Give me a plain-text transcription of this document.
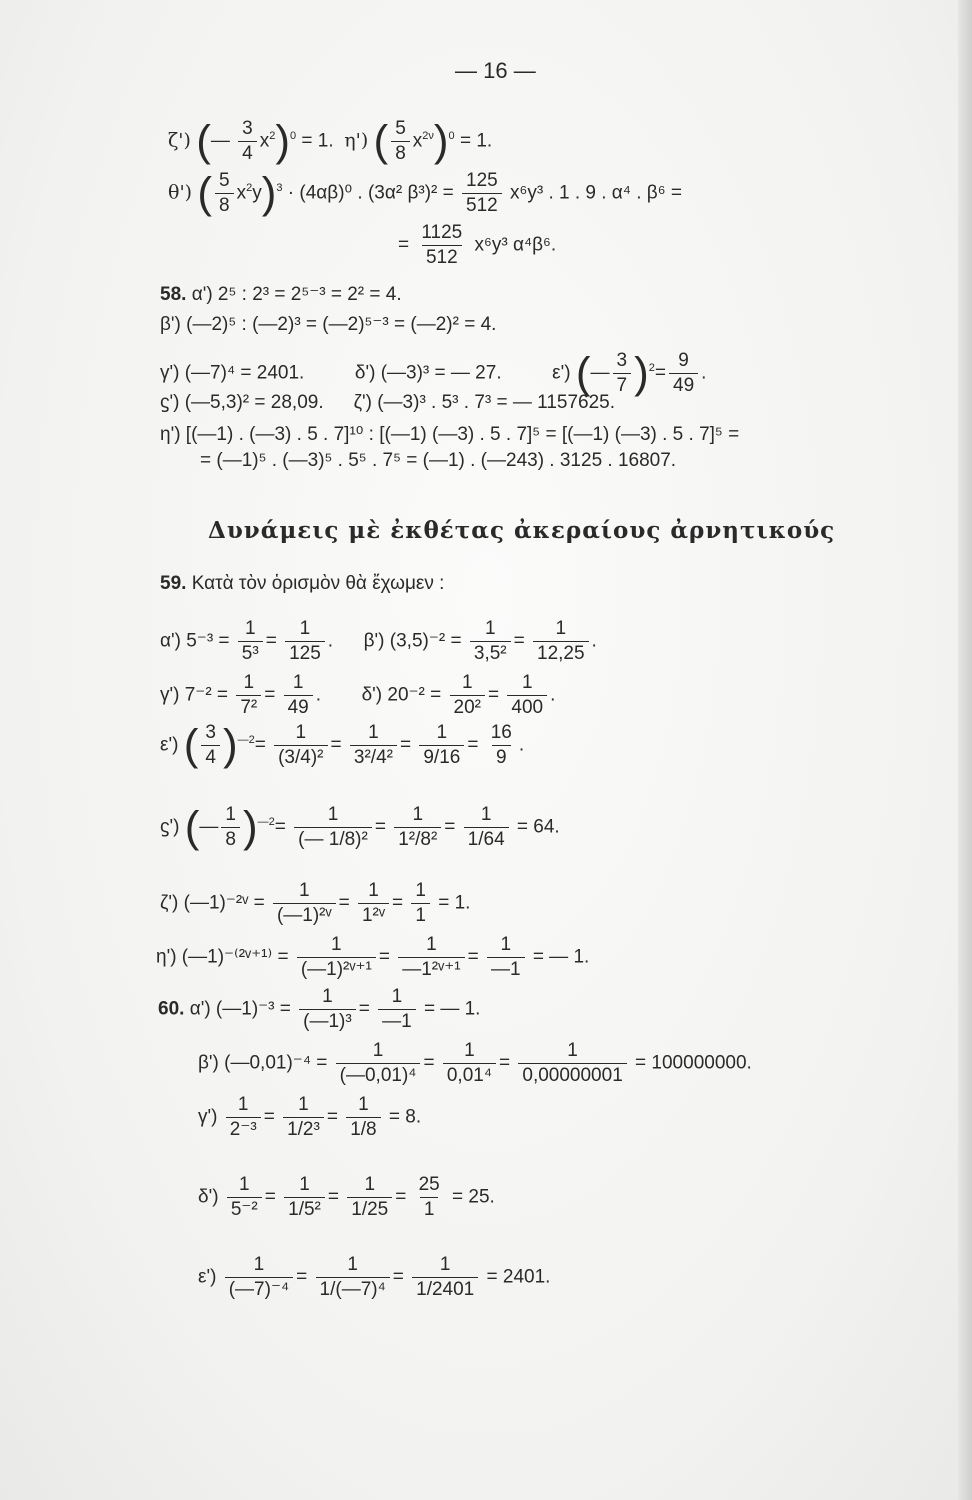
— 16 —
ζ') (— $\frac{3}{4} x^2)^0 = 1$. η') ( $\frac{5}{8} x^{2\nu})^0 = 1$.
θ') ( $\frac{5}{8} x^2y)^3 \cdot (4\alpha\beta)^0$ . (3α² $\beta^3)^2 = \frac{125}{512} x^6y^3$ . 1 . 9 . α⁴ . β⁶ =
= $\frac{1125}{512} x^6y^3$ α⁴β⁶.
58. α') 2⁵ : 2³ = 2⁵⁻³ = 2² = 4.
β') (—2)⁵ : (—2)³ = (—2)⁵⁻³ = (—2)² = 4.
γ') (—7)⁴ = 2401.	δ') (—3)³ = — 27.	ε') (— $\frac{3}{7} )^2= \frac{9}{49}$ .
ϛ') (—5,3)² = 28,09. ζ') (—3)³ . 5³ . 7³ = — 1157625.
η') [(—1) . (—3) . 5 . 7]¹⁰ : [(—1) (—3) . 5 . 7]⁵ = [(—1) (—3) . 5 . 7]⁵ =
= (—1)⁵ . (—3)⁵ . 5⁵ . 7⁵ = (—1) . (—243) . 3125 . 16807.
Δυνάμεις μὲ ἐκθέτας ἀκεραίους ἀρνητικούς
59. Κατὰ τὸν ὁρισμὸν θὰ ἔχωμεν :
α') $5^{-3} = \frac{1}{\text{5³}} = \frac{1}{125}$ .  β') $(3,5)^{-2} = \frac{1}{\text{3,5²}} = \frac{1}{12,25}$ .
γ') $7^{-2} = \frac{1}{\text{7²}} = \frac{1}{49}$ .  δ') $20^{-2} = \frac{1}{\text{20²}} = \frac{1}{400}$ .
ε') ( $\frac{3}{4} )^{—2}= \frac{1}{\text{(3/4)²}} = \frac{1}{\text{3²/4²}} = \frac{1}{9/16} = \frac{16}{9}$ .
ϛ') (— $\frac{1}{8} )^{—2}= \frac{1}{\text{(— 1/8)²}} = \frac{1}{\text{1²/8²}} = \frac{1}{1/64} = 64$.
ζ') (—1)⁻²ᵛ = $\frac{1}{\text{(—1)²ᵛ}} = \frac{1}{\text{1²ᵛ}} = \frac{1}{1} = 1$.
η') (—1)⁻⁽²ᵛ⁺¹⁾ = $\frac{1}{\text{(—1)²ᵛ⁺¹}} = \frac{1}{\text{—1²ᵛ⁺¹}} = \frac{1}{—1}$ = — 1.
60. α') (—1)⁻³ = $\frac{1}{\text{(—1)³}} = \frac{1}{—1}$ = — 1.
β') (—0,01)⁻⁴ = $\frac{1}{\text{(—0,01)⁴}} = \frac{1}{\text{0,01⁴}} = \frac{1}{0,00000001} = 100000000$.
$\gamma') \frac{1}{\text{2⁻³}} = \frac{1}{\text{1/2³}} = \frac{1}{1/8} = 8$.
$\delta') \frac{1}{\text{5⁻²}} = \frac{1}{\text{1/5²}} = \frac{1}{1/25} = \frac{25}{1} = 25$.
$\varepsilon') \frac{1}{\text{(—7)⁻⁴}} = \frac{1}{\text{1/(—7)⁴}} = \frac{1}{1/2401} = 2401$.
